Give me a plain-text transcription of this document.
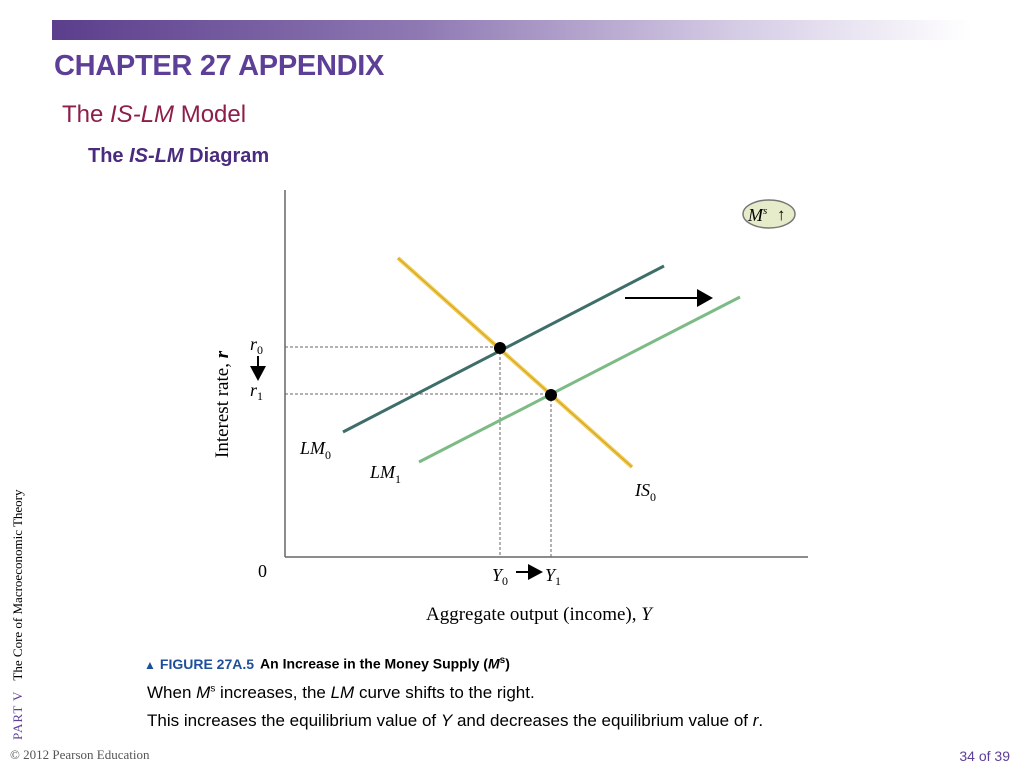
CHAPTER 27 APPENDIX
The IS-LM Model
The IS-LM Diagram
$M^s$ ↑
Interest rate, r
0
$r_0$
$r_1$
$Y_0$ $Y_1$
$LM_0$
$LM_1$
$IS_0$
Aggregate output (income), Y
PART VThe Core of Macroeconomic Theory	▲ FIGURE 27A.5 An Increase in the Money Supply $(M^s)$
When $M^s$ increases, the LM curve shifts to the right.
This increases the equilibrium value of Y and decreases the equilibrium value of r.
© 2012 Pearson Education	34 of 39
